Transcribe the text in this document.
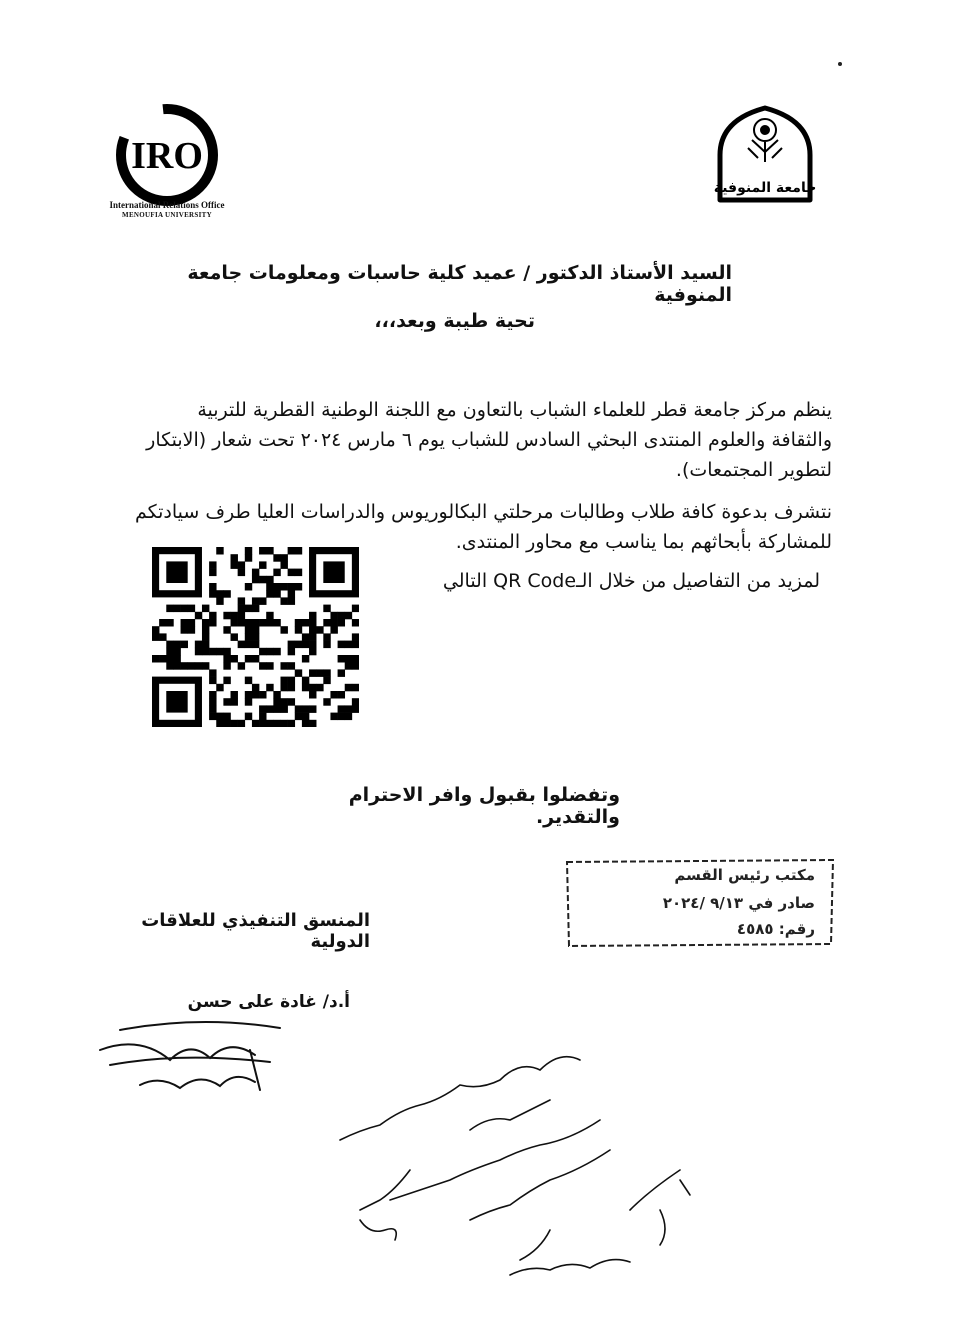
IRO
International Relations Office
MENOUFIA UNIVERSITY
جامعة المنوفية
السيد الأستاذ الدكتور / عميد كلية حاسبات ومعلومات جامعة المنوفية
تحية طيبة وبعد،،،
ينظم مركز جامعة قطر للعلماء الشباب بالتعاون مع اللجنة الوطنية القطرية للتربية والثقافة والعلوم المنتدى البحثي السادس للشباب يوم ٦ مارس ٢٠٢٤ تحت شعار (الابتكار لتطوير المجتمعات).
نتشرف بدعوة كافة طلاب وطالبات مرحلتي البكالوريوس والدراسات العليا طرف سيادتكم للمشاركة بأبحاثهم بما يناسب مع محاور المنتدى.
لمزيد من التفاصيل من خلال الـQR Code التالي
وتفضلوا بقبول وافر الاحترام والتقدير.
مكتب رئيس القسم
صادر في ٩/١٣ /٢٠٢٤
رقم: ٤٥٨٥
المنسق التنفيذي للعلاقات الدولية
أ.د/ غادة على حسن
